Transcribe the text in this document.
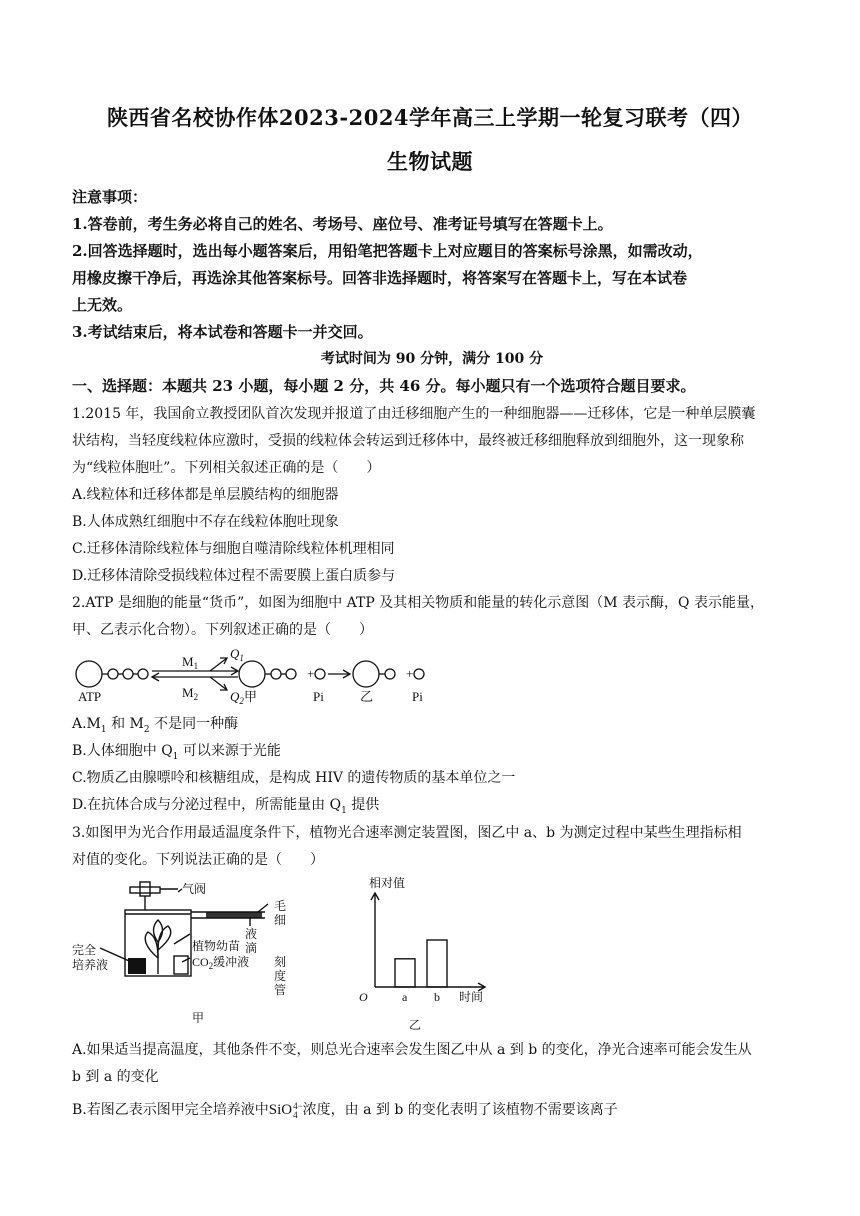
陕西省名校协作体2023-2024学年高三上学期一轮复习联考（四）
生物试题
注意事项：
1.答卷前，考生务必将自己的姓名、考场号、座位号、准考证号填写在答题卡上。
2.回答选择题时，选出每小题答案后，用铅笔把答题卡上对应题目的答案标号涂黑，如需改动，
用橡皮擦干净后，再选涂其他答案标号。回答非选择题时，将答案写在答题卡上，写在本试卷
上无效。
3.考试结束后，将本试卷和答题卡一并交回。
考试时间为 90 分钟，满分 100 分
一、选择题：本题共 23 小题，每小题 2 分，共 46 分。每小题只有一个选项符合题目要求。
1.2015 年，我国俞立教授团队首次发现并报道了由迁移细胞产生的一种细胞器——迁移体，它是一种单层膜囊
状结构，当轻度线粒体应激时，受损的线粒体会转运到迁移体中，最终被迁移细胞释放到细胞外，这一现象称
为“线粒体胞吐”。下列相关叙述正确的是（　　）
A.线粒体和迁移体都是单层膜结构的细胞器
B.人体成熟红细胞中不存在线粒体胞吐现象
C.迁移体清除线粒体与细胞自噬清除线粒体机理相同
D.迁移体清除受损线粒体过程不需要膜上蛋白质参与
2.ATP 是细胞的能量“货币”，如图为细胞中 ATP 及其相关物质和能量的转化示意图（M 表示酶，Q 表示能量，
甲、乙表示化合物）。下列叙述正确的是（　　）
+	+
ATP
$M_1$
$M_2$
$Q_1$
$Q_2$ 甲	Pi	乙	Pi
$A.M_1$ 和 $M_2$ 不是同一种酶
B.人体细胞中 $Q_1$ 可以来源于光能
C.物质乙由腺嘌呤和核糖组成，是构成 HIV 的遗传物质的基本单位之一
D.在抗体合成与分泌过程中，所需能量由 $Q_1$ 提供
3.如图甲为光合作用最适温度条件下，植物光合速率测定装置图，图乙中 a、b 为测定过程中某些生理指标相
对值的变化。下列说法正确的是（　　）
气阀
毛
细
刻
度
管
液
滴
完全
培养液
植物幼苗
$CO_2$缓冲液
甲
a b
相对值
O	时间
乙
A.如果适当提高温度，其他条件不变，则总光合速率会发生图乙中从 a 到 b 的变化，净光合速率可能会发生从
b 到 a 的变化
B.若图乙表示图甲完全培养液中SiO 4−
4 浓度，由 a 到 b 的变化表明了该植物不需要该离子
